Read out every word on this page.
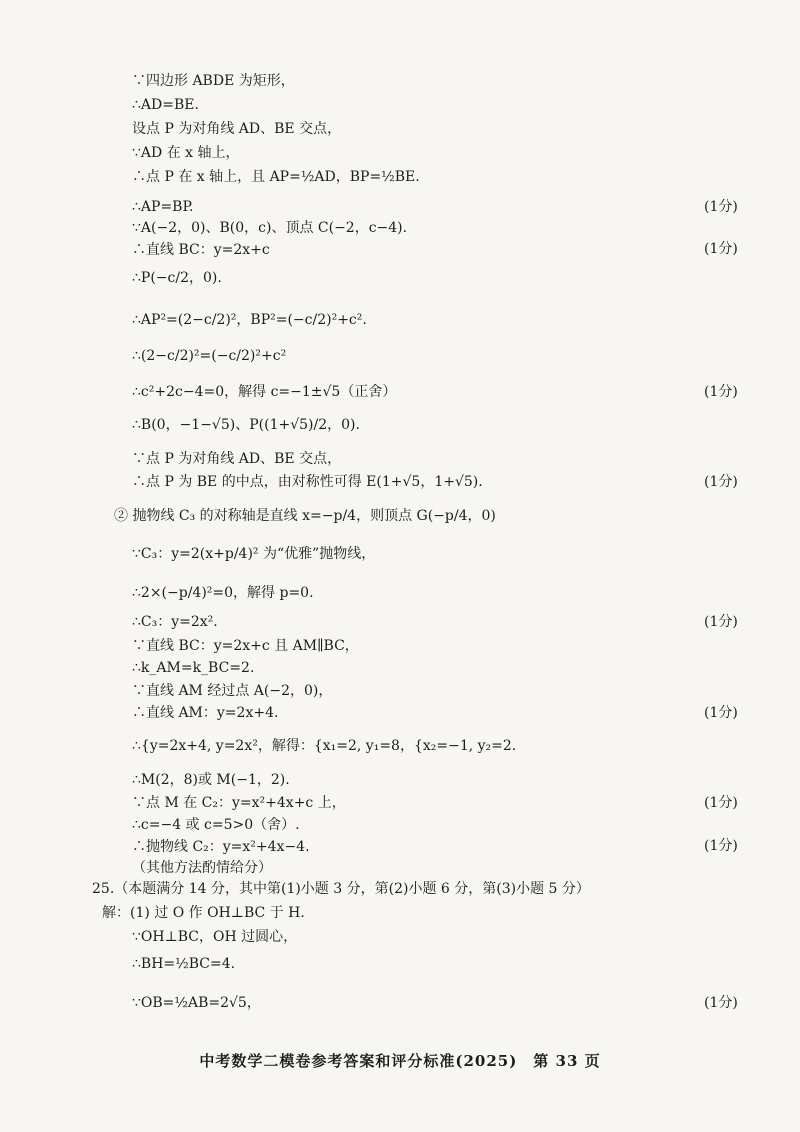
∵四边形 ABDE 为矩形，
∴AD=BE.
设点 P 为对角线 AD、BE 交点，
∵AD 在 x 轴上，
∴点 P 在 x 轴上，且 AP=½AD，BP=½BE.
∴AP=BP.
∵A(−2，0)、B(0，c)、顶点 C(−2，c−4).
∴直线 BC：y=2x+c
∴P(−c/2，0).
∴AP²=(2−c/2)²，BP²=(−c/2)²+c².
∴(2−c/2)²=(−c/2)²+c²
∴c²+2c−4=0，解得 c=−1±√5（正舍）
∴B(0，−1−√5)、P((1+√5)/2，0).
∵点 P 为对角线 AD、BE 交点，
∴点 P 为 BE 的中点，由对称性可得 E(1+√5，1+√5).
② 抛物线 C₃ 的对称轴是直线 x=−p/4，则顶点 G(−p/4，0)
∵C₃：y=2(x+p/4)² 为“优雅”抛物线，
∴2×(−p/4)²=0，解得 p=0.
∴C₃：y=2x².
∵直线 BC：y=2x+c 且 AM∥BC，
∴k_AM=k_BC=2.
∵直线 AM 经过点 A(−2，0)，
∴直线 AM：y=2x+4.
∴{y=2x+4, y=2x²，解得：{x₁=2, y₁=8，{x₂=−1, y₂=2.
∴M(2，8)或 M(−1，2).
∵点 M 在 C₂：y=x²+4x+c 上，
∴c=−4 或 c=5>0（舍）.
∴抛物线 C₂：y=x²+4x−4.
（其他方法酌情给分）
25.（本题满分 14 分，其中第(1)小题 3 分，第(2)小题 6 分，第(3)小题 5 分）
解：(1) 过 O 作 OH⊥BC 于 H.
∵OH⊥BC，OH 过圆心，
∴BH=½BC=4.
∵OB=½AB=2√5，
(1分)
(1分)
(1分)
(1分)
(1分)
(1分)
(1分)
(1分)
(1分)
中考数学二模卷参考答案和评分标准(2025)　第 33 页
